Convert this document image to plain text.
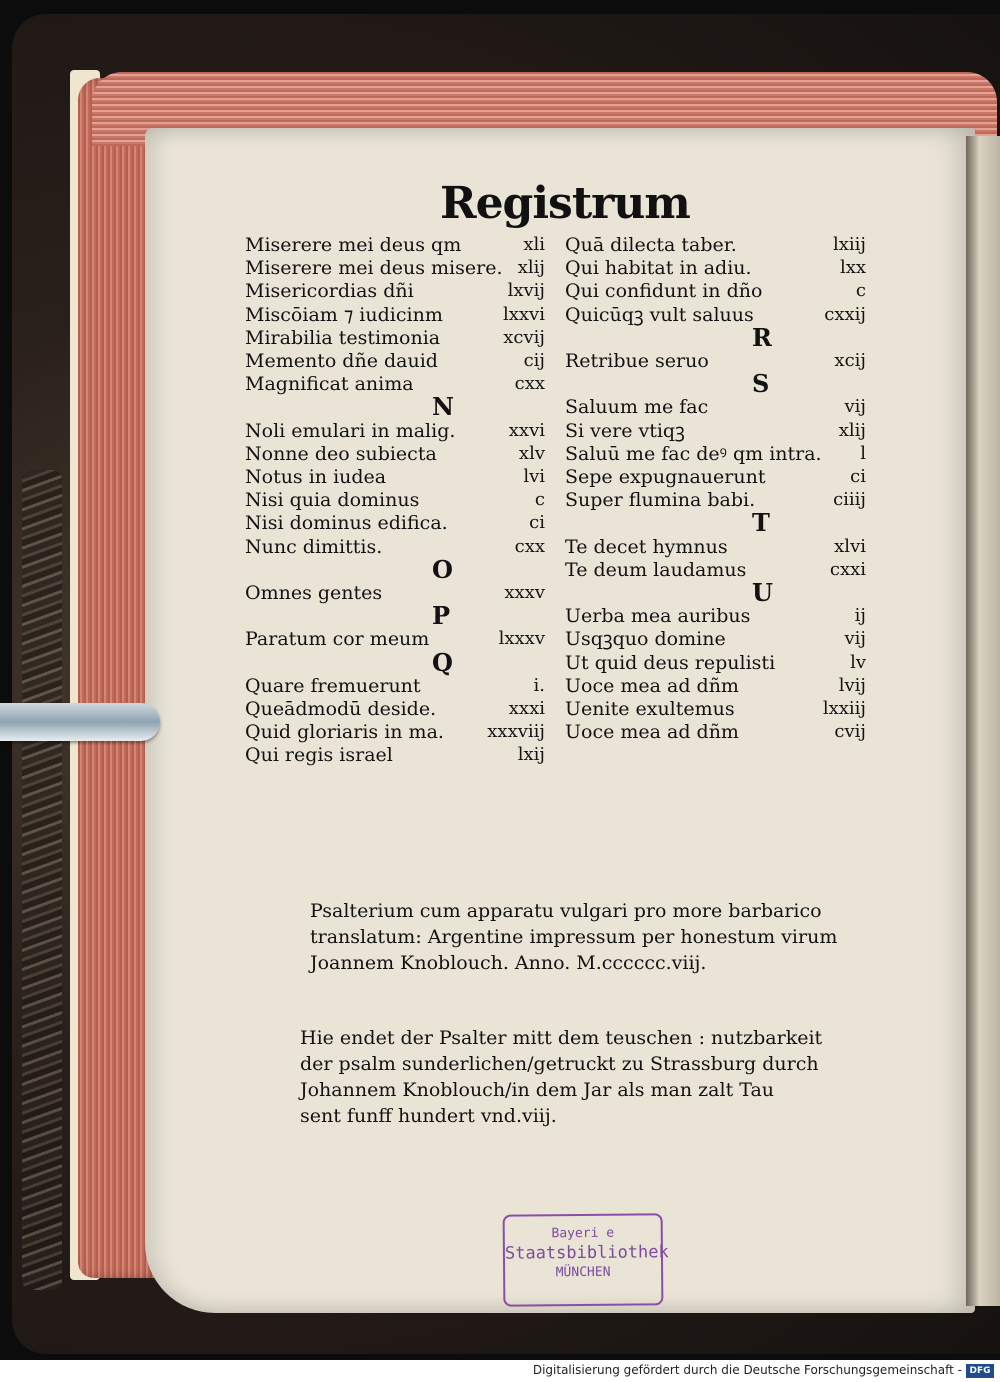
Registrum
Miserere mei deus qm	xli
Miserere mei deus misere. xlij
Misericordias dñi	lxvij
Miscōiam ⁊ iudicinm	lxxvi
Mirabilia testimonia	xcvij
Memento dñe dauid	cij
Magnificat anima	cxx
N
Noli emulari in malig.	xxvi
Nonne deo subiecta	xlv
Notus in iudea	lvi
Nisi quia dominus	c
Nisi dominus edifica.	ci
Nunc dimittis.	cxx
O
Omnes gentes	xxxv
P
Paratum cor meum	lxxxv
Q
Quare fremuerunt	i.
Queādmodū deside.	xxxi
Quid gloriaris in ma. xxxviij
Qui regis israel	lxij
Quā dilecta taber.	lxiij
Qui habitat in adiu.	lxx
Qui confidunt in dño	c
Quicūqꝫ vult saluus	cxxij
R
Retribue seruo	xcij
S
Saluum me fac	vij
Si vere vtiqꝫ	xlij
Saluū me fac deꝰ qm intra. l
Sepe expugnauerunt	ci
Super flumina babi.	ciiij
T
Te decet hymnus	xlvi
Te deum laudamus	cxxi
U
Uerba mea auribus	ij
Usqꝫquo domine	vij
Ut quid deus repulisti	lv
Uoce mea ad dñm	lvij
Uenite exultemus	lxxiij
Uoce mea ad dñm	cvij
Psalterium cum apparatu vulgari pro more barbarico
translatum: Argentine impressum per honestum virum
Joannem Knoblouch. Anno. M.cccccc.viij.
Hie endet der Psalter mitt dem teuschen : nutzbarkeit
der psalm sunderlichen/getruckt zu Strassburg durch
Johannem Knoblouch/in dem Jar als man zalt Tau
sent funff hundert vnd.viij.
Bayeri e
Staatsbibliothek
MÜNCHEN
Digitalisierung gefördert durch die Deutsche Forschungsgemeinschaft - DFG
